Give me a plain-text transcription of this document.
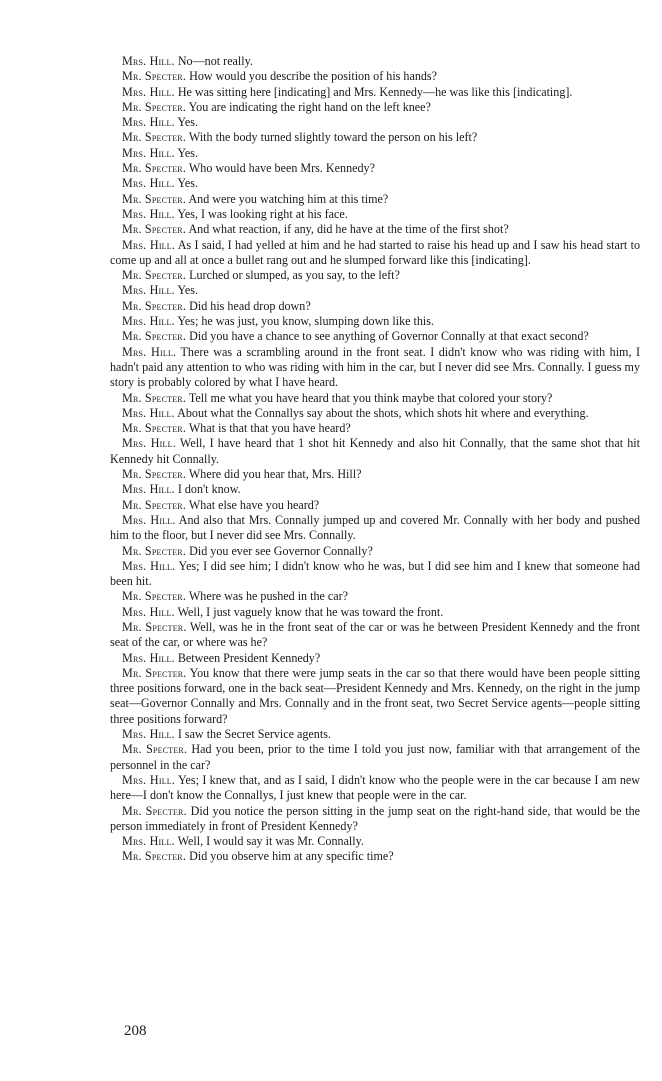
Mrs. Hill. No—not really.

Mr. Specter. How would you describe the position of his hands?

Mrs. Hill. He was sitting here [indicating] and Mrs. Kennedy—he was like this [indicating].

Mr. Specter. You are indicating the right hand on the left knee?

Mrs. Hill. Yes.

Mr. Specter. With the body turned slightly toward the person on his left?

Mrs. Hill. Yes.

Mr. Specter. Who would have been Mrs. Kennedy?

Mrs. Hill. Yes.

Mr. Specter. And were you watching him at this time?

Mrs. Hill. Yes, I was looking right at his face.

Mr. Specter. And what reaction, if any, did he have at the time of the first shot?

Mrs. Hill. As I said, I had yelled at him and he had started to raise his head up and I saw his head start to come up and all at once a bullet rang out and he slumped forward like this [indicating].

Mr. Specter. Lurched or slumped, as you say, to the left?

Mrs. Hill. Yes.

Mr. Specter. Did his head drop down?

Mrs. Hill. Yes; he was just, you know, slumping down like this.

Mr. Specter. Did you have a chance to see anything of Governor Connally at that exact second?

Mrs. Hill. There was a scrambling around in the front seat. I didn't know who was riding with him, I hadn't paid any attention to who was riding with him in the car, but I never did see Mrs. Connally. I guess my story is probably colored by what I have heard.

Mr. Specter. Tell me what you have heard that you think maybe that colored your story?

Mrs. Hill. About what the Connallys say about the shots, which shots hit where and everything.

Mr. Specter. What is that that you have heard?

Mrs. Hill. Well, I have heard that 1 shot hit Kennedy and also hit Connally, that the same shot that hit Kennedy hit Connally.

Mr. Specter. Where did you hear that, Mrs. Hill?

Mrs. Hill. I don't know.

Mr. Specter. What else have you heard?

Mrs. Hill. And also that Mrs. Connally jumped up and covered Mr. Connally with her body and pushed him to the floor, but I never did see Mrs. Connally.

Mr. Specter. Did you ever see Governor Connally?

Mrs. Hill. Yes; I did see him; I didn't know who he was, but I did see him and I knew that someone had been hit.

Mr. Specter. Where was he pushed in the car?

Mrs. Hill. Well, I just vaguely know that he was toward the front.

Mr. Specter. Well, was he in the front seat of the car or was he between President Kennedy and the front seat of the car, or where was he?

Mrs. Hill. Between President Kennedy?

Mr. Specter. You know that there were jump seats in the car so that there would have been people sitting three positions forward, one in the back seat—President Kennedy and Mrs. Kennedy, on the right in the jump seat—Governor Connally and Mrs. Connally and in the front seat, two Secret Service agents—people sitting three positions forward?

Mrs. Hill. I saw the Secret Service agents.

Mr. Specter. Had you been, prior to the time I told you just now, familiar with that arrangement of the personnel in the car?

Mrs. Hill. Yes; I knew that, and as I said, I didn't know who the people were in the car because I am new here—I don't know the Connallys, I just knew that people were in the car.

Mr. Specter. Did you notice the person sitting in the jump seat on the right-hand side, that would be the person immediately in front of President Kennedy?

Mrs. Hill. Well, I would say it was Mr. Connally.

Mr. Specter. Did you observe him at any specific time?

208
